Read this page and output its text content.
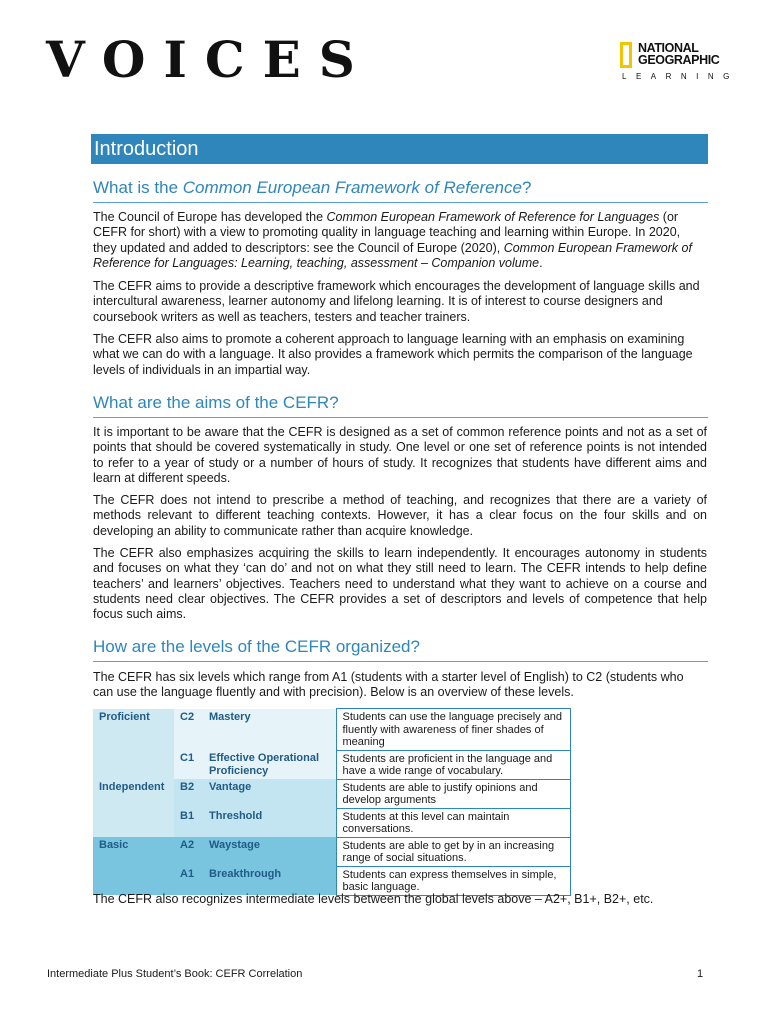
VOICES	NATIONAL
GEOGRAPHIC
LEARNING
Introduction
What is the Common European Framework of Reference?

The Council of Europe has developed the Common European Framework of Reference for Languages (or CEFR for short) with a view to promoting quality in language teaching and learning within Europe. In 2020, they updated and added to descriptors: see the Council of Europe (2020), Common European Framework of Reference for Languages: Learning, teaching, assessment – Companion volume.

The CEFR aims to provide a descriptive framework which encourages the development of language skills and intercultural awareness, learner autonomy and lifelong learning. It is of interest to course designers and coursebook writers as well as teachers, testers and teacher trainers.

The CEFR also aims to promote a coherent approach to language learning with an emphasis on examining what we can do with a language. It also provides a framework which permits the comparison of the language levels of individuals in an impartial way.

What are the aims of the CEFR?

It is important to be aware that the CEFR is designed as a set of common reference points and not as a set of points that should be covered systematically in study. One level or one set of reference points is not intended to refer to a year of study or a number of hours of study. It recognizes that students have different aims and learn at different speeds.

The CEFR does not intend to prescribe a method of teaching, and recognizes that there are a variety of methods relevant to different teaching contexts. However, it has a clear focus on the four skills and on developing an ability to communicate rather than acquire knowledge.

The CEFR also emphasizes acquiring the skills to learn independently. It encourages autonomy in students and focuses on what they ‘can do’ and not on what they still need to learn. The CEFR intends to help define teachers’ and learners’ objectives. Teachers need to understand what they want to achieve on a course and students need clear objectives. The CEFR provides a set of descriptors and levels of competence that help focus such aims.

How are the levels of the CEFR organized?

The CEFR has six levels which range from A1 (students with a starter level of English) to C2 (students who can use the language fluently and with precision). Below is an overview of these levels.

Proficient	C2	Mastery	Students can use the language precisely and fluently with awareness of finer shades of meaning
	C1	Effective Operational Proficiency	Students are proficient in the language and have a wide range of vocabulary.
Independent	B2	Vantage	Students are able to justify opinions and develop arguments
	B1	Threshold	Students at this level can maintain conversations.
Basic	A2	Waystage	Students are able to get by in an increasing range of social situations.
	A1	Breakthrough	Students can express themselves in simple, basic language.

The CEFR also recognizes intermediate levels between the global levels above – A2+, B1+, B2+, etc.

Intermediate Plus Student’s Book: CEFR Correlation	1
